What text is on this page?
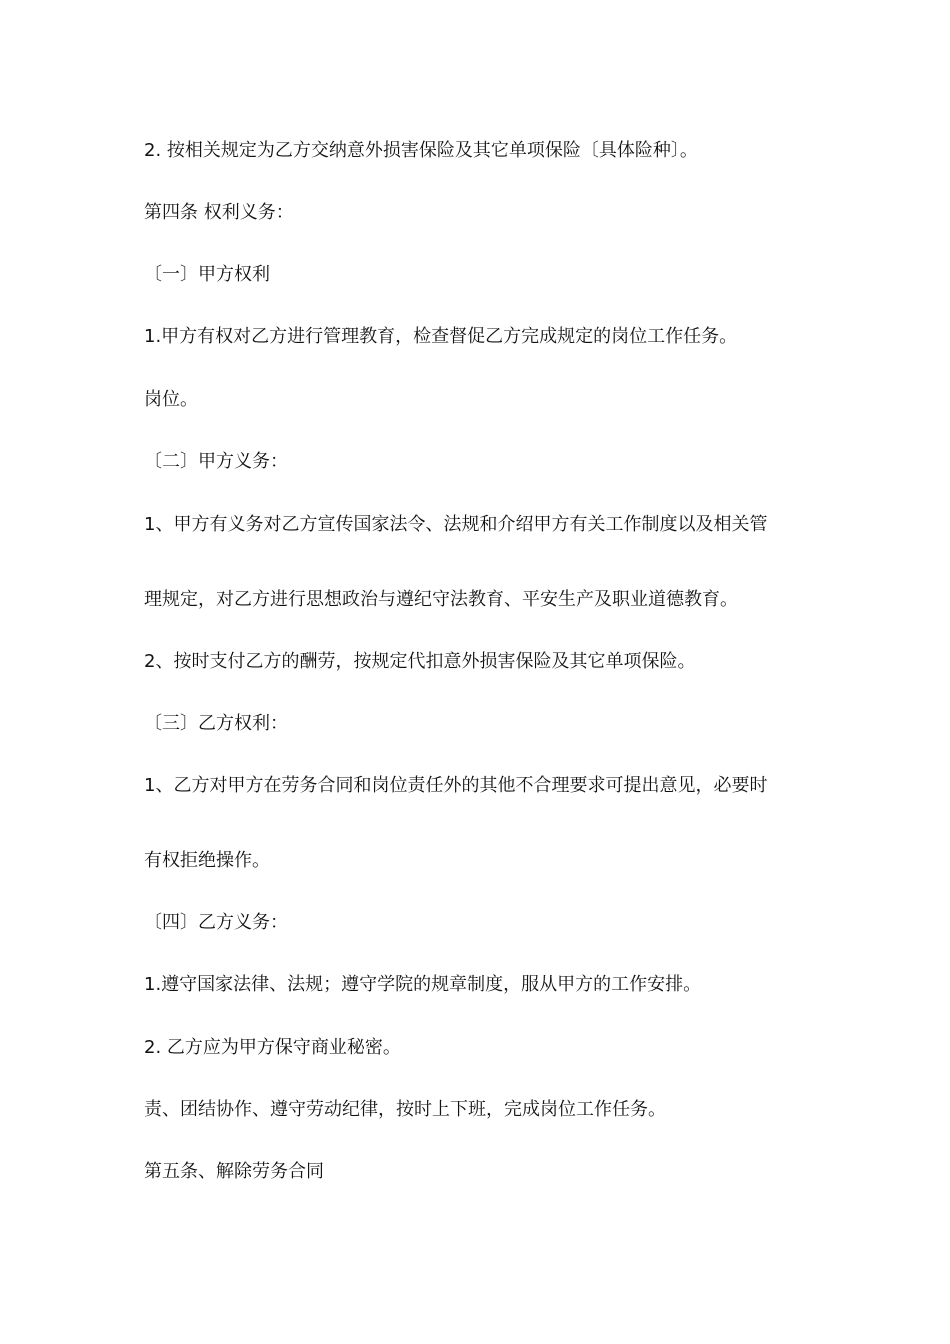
2. 按相关规定为乙方交纳意外损害保险及其它单项保险〔具体险种〕。
第四条 权利义务：
〔一〕甲方权利
1.甲方有权对乙方进行管理教育，检查督促乙方完成规定的岗位工作任务。
岗位。
〔二〕甲方义务：
1、甲方有义务对乙方宣传国家法令、法规和介绍甲方有关工作制度以及相关管
理规定，对乙方进行思想政治与遵纪守法教育、平安生产及职业道德教育。
2、按时支付乙方的酬劳，按规定代扣意外损害保险及其它单项保险。
〔三〕乙方权利：
1、乙方对甲方在劳务合同和岗位责任外的其他不合理要求可提出意见，必要时
有权拒绝操作。
〔四〕乙方义务：
1.遵守国家法律、法规；遵守学院的规章制度，服从甲方的工作安排。
2. 乙方应为甲方保守商业秘密。
责、团结协作、遵守劳动纪律，按时上下班，完成岗位工作任务。
第五条、解除劳务合同
